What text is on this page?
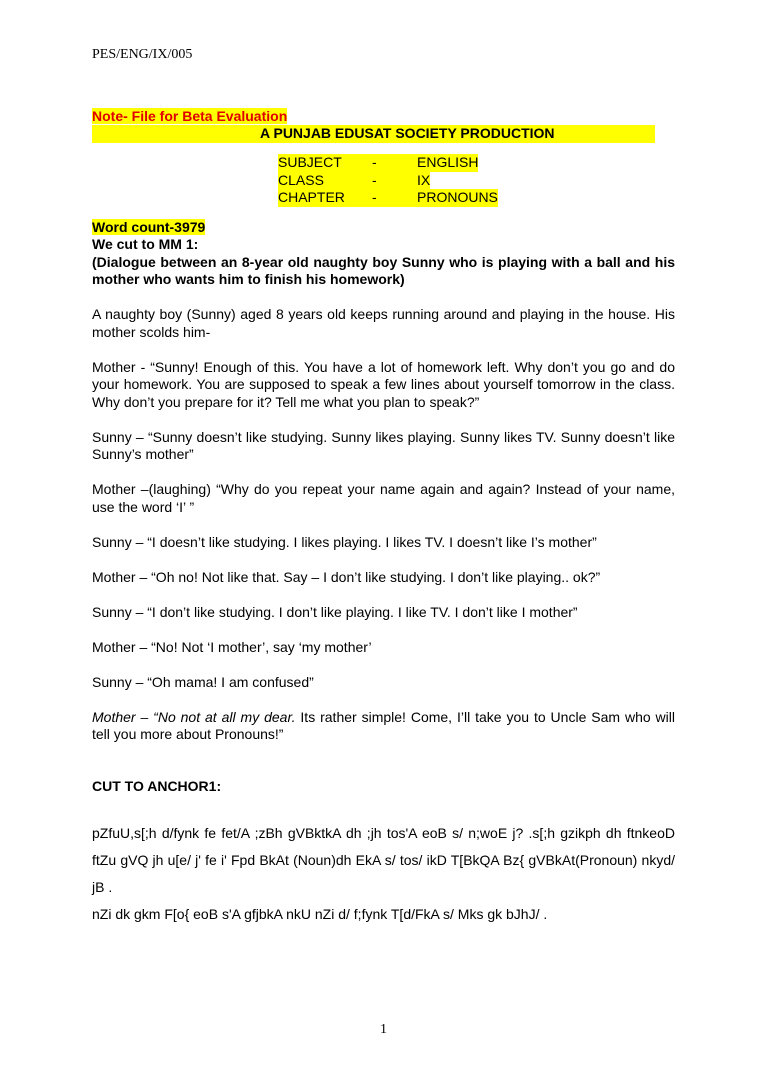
PES/ENG/IX/005
Note- File for Beta Evaluation
A PUNJAB EDUSAT SOCIETY PRODUCTION
SUBJECT	-	ENGLISH
CLASS	-	IX
CHAPTER	-	PRONOUNS
Word count-3979
We cut to MM 1:

(Dialogue between an 8-year old naughty boy Sunny who is playing with a ball and his mother who wants him to finish his homework)

A naughty boy (Sunny) aged 8 years old keeps running around and playing in the house. His mother scolds him-

Mother - “Sunny! Enough of this. You have a lot of homework left. Why don’t you go and do your homework. You are supposed to speak a few lines about yourself tomorrow in the class. Why don’t you prepare for it? Tell me what you plan to speak?”

Sunny – “Sunny doesn’t like studying. Sunny likes playing. Sunny likes TV. Sunny doesn’t like Sunny’s mother”

Mother –(laughing) “Why do you repeat your name again and again? Instead of your name, use the word ‘I’ ”

Sunny – “I doesn’t like studying. I likes playing. I likes TV. I doesn’t like I’s mother”

Mother – “Oh no! Not like that. Say – I don’t like studying. I don’t like playing.. ok?”

Sunny – “I don’t like studying. I don’t like playing. I like TV. I don’t like I mother”

Mother – “No! Not ‘I mother’, say ‘my mother’

Sunny – “Oh mama! I am confused”

Mother – “No not at all my dear. Its rather simple! Come, I’ll take you to Uncle Sam who will tell you more about Pronouns!”

CUT TO ANCHOR1:

pZfuU,s[;h d/fynk fe fet/A ;zBh gVBktkA dh ;jh tos'A eoB s/ n;woE j? .s[;h gzikph dh ftnkeoD ftZu gVQ jh u[e/ j' fe i' Fpd BkAt (Noun)dh EkA s/ tos/ ikD T[BkQA Bz{ gVBkAt(Pronoun) nkyd/ jB .

nZi dk gkm F[o{ eoB s'A gfjbkA nkU nZi d/ f;fynk T[d/FkA s/ Mks gk bJhJ/ .

1
